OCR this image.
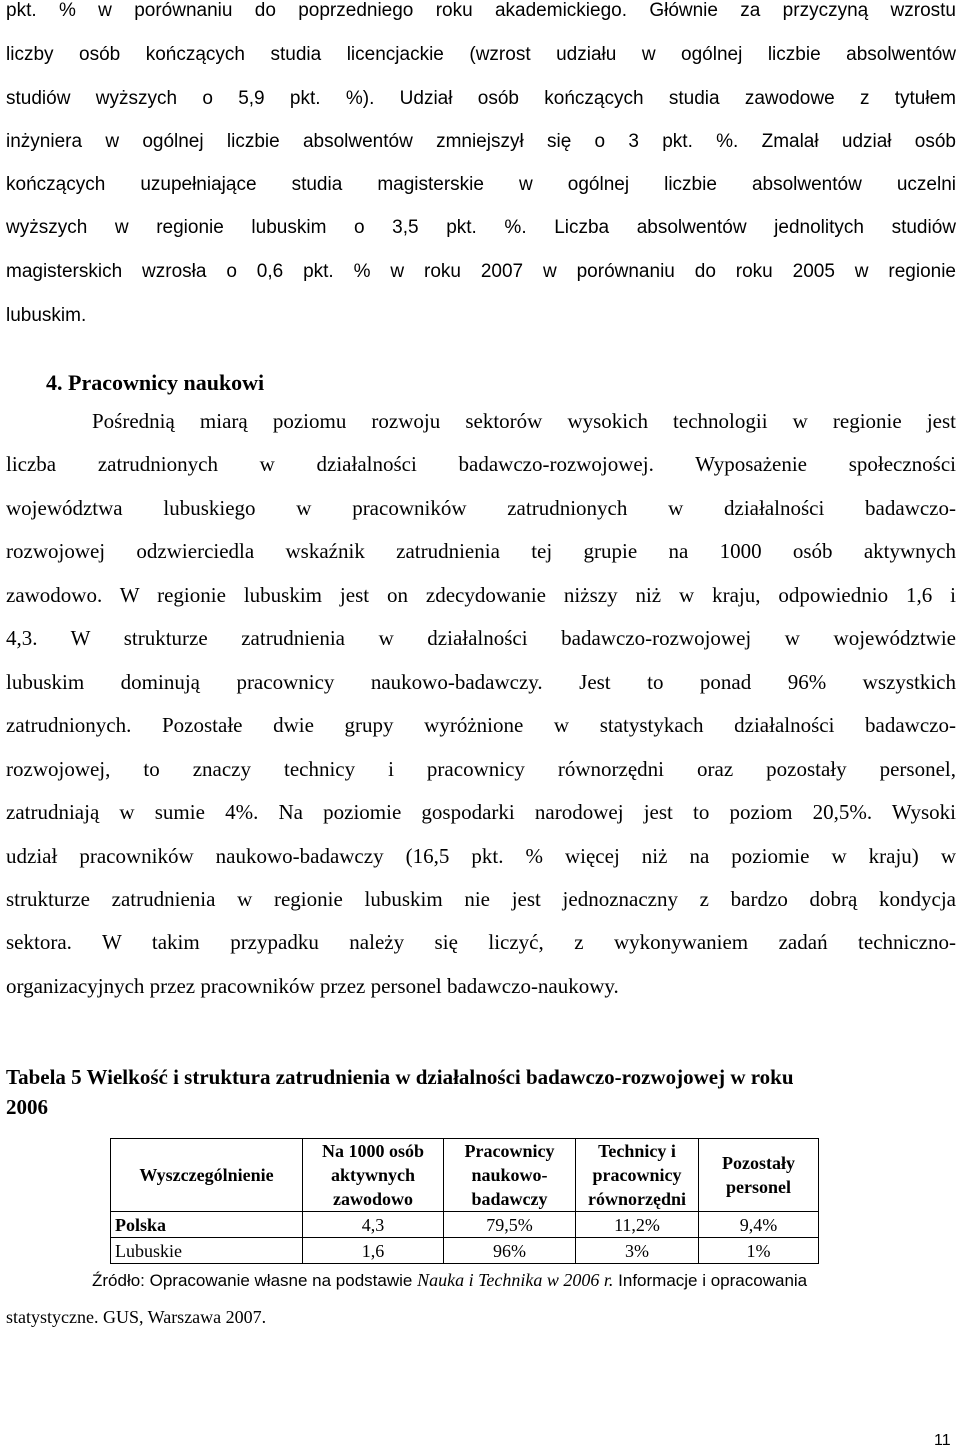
pkt. % w porównaniu do poprzedniego roku akademickiego. Głównie za przyczyną wzrostu
liczby osób kończących studia licencjackie (wzrost udziału w ogólnej liczbie absolwentów
studiów wyższych o 5,9 pkt. %). Udział osób kończących studia zawodowe z tytułem
inżyniera w ogólnej liczbie absolwentów zmniejszył się o 3 pkt. %. Zmalał udział osób
kończących uzupełniające studia magisterskie w ogólnej liczbie absolwentów uczelni
wyższych w regionie lubuskim o 3,5 pkt. %. Liczba absolwentów jednolitych studiów
magisterskich wzrosła o 0,6 pkt. % w roku 2007 w porównaniu do roku 2005 w regionie
lubuskim.
4. Pracownicy naukowi
Pośrednią miarą poziomu rozwoju sektorów wysokich technologii w regionie jest
liczba zatrudnionych w działalności badawczo-rozwojowej. Wyposażenie społeczności
województwa lubuskiego w pracowników zatrudnionych w działalności badawczo-
rozwojowej odzwierciedla wskaźnik zatrudnienia tej grupie na 1000 osób aktywnych
zawodowo. W regionie lubuskim jest on zdecydowanie niższy niż w kraju, odpowiednio 1,6 i
4,3. W strukturze zatrudnienia w działalności badawczo-rozwojowej w województwie
lubuskim dominują pracownicy naukowo-badawczy. Jest to ponad 96% wszystkich
zatrudnionych. Pozostałe dwie grupy wyróżnione w statystykach działalności badawczo-
rozwojowej, to znaczy technicy i pracownicy równorzędni oraz pozostały personel,
zatrudniają w sumie 4%. Na poziomie gospodarki narodowej jest to poziom 20,5%. Wysoki
udział pracowników naukowo-badawczy (16,5 pkt. % więcej niż na poziomie w kraju) w
strukturze zatrudnienia w regionie lubuskim nie jest jednoznaczny z bardzo dobrą kondycja
sektora. W takim przypadku należy się liczyć, z wykonywaniem zadań techniczno-
organizacyjnych przez pracowników przez personel badawczo-naukowy.
Tabela 5 Wielkość i struktura zatrudnienia w działalności badawczo-rozwojowej w roku
2006
Wyszczególnienie	Na 1000 osób aktywnych zawodowo	Pracownicy naukowo-badawczy	Technicy i pracownicy równorzędni	Pozostały personel
Polska	4,3	79,5%	11,2%	9,4%
Lubuskie	1,6	96%	3%	1%
Źródło: Opracowanie własne na podstawie Nauka i Technika w 2006 r. Informacje i opracowania
statystyczne. GUS, Warszawa 2007.
11
